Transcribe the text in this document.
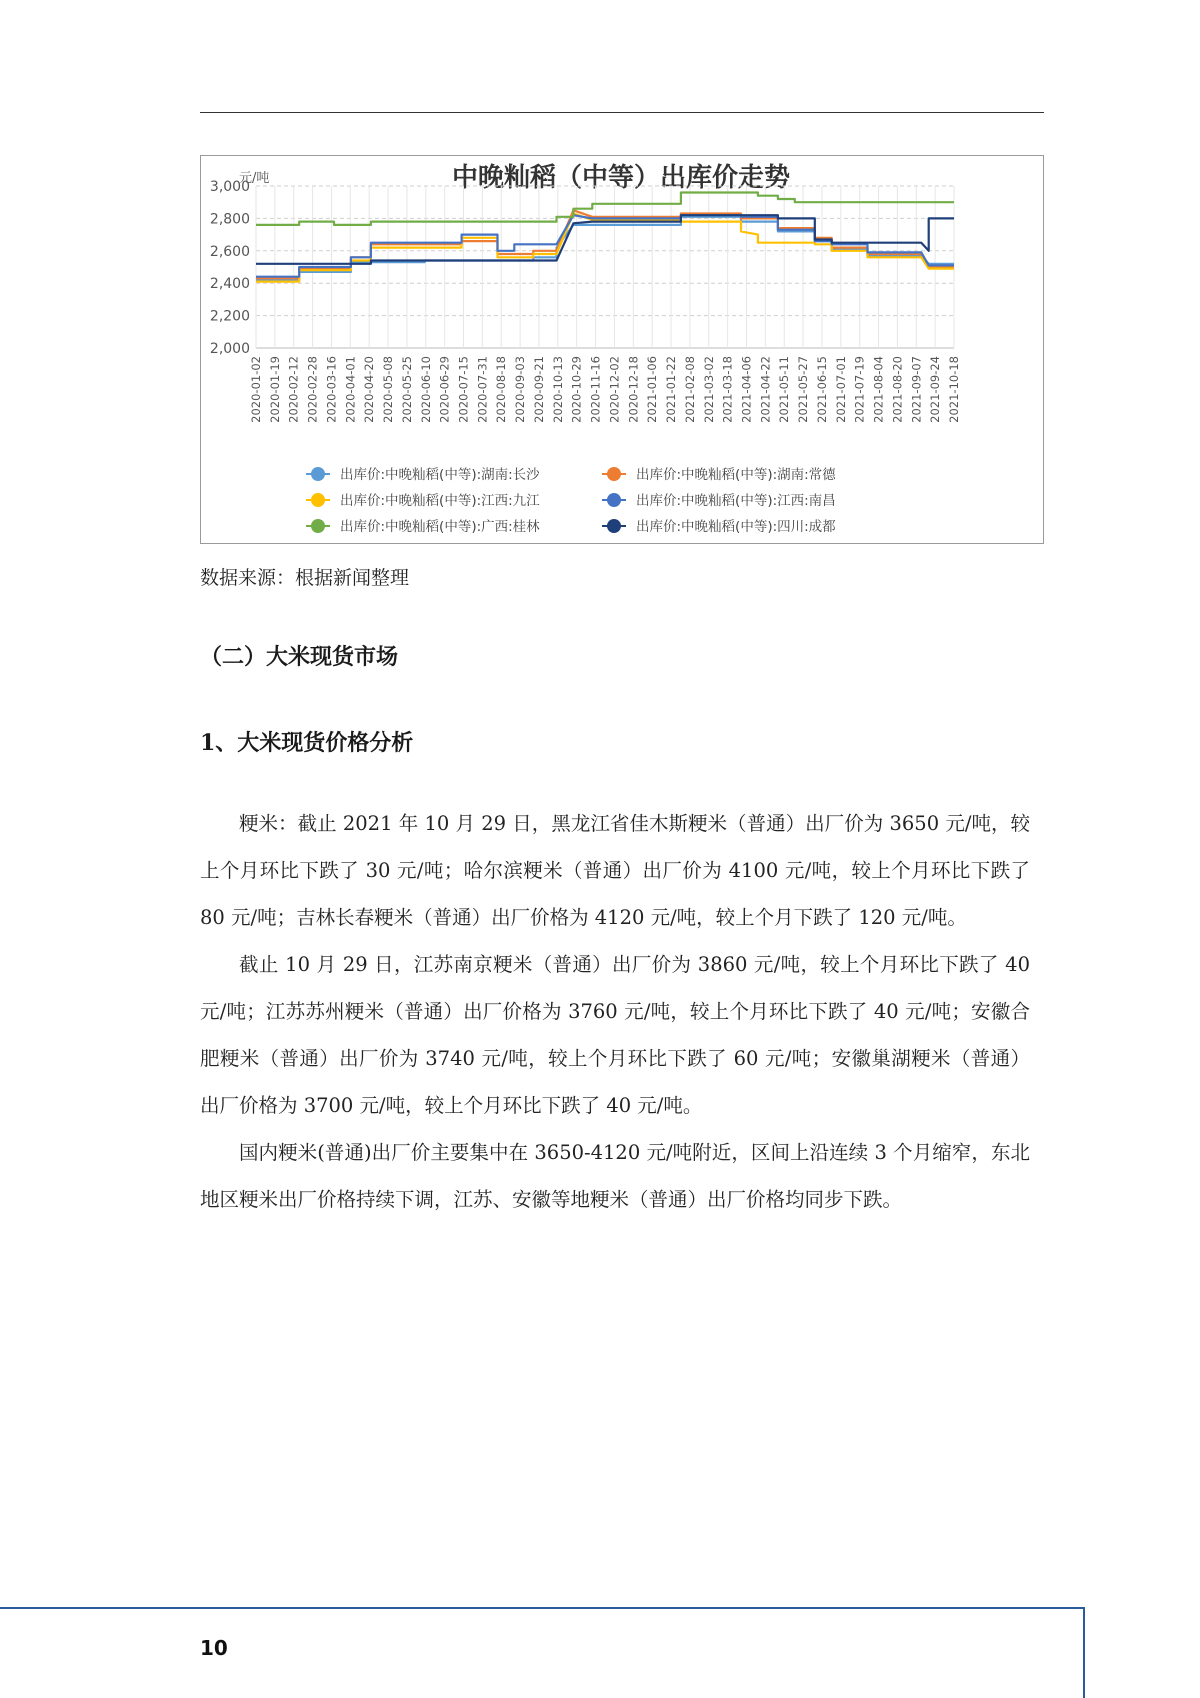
中晚籼稻（中等）出库价走势
元/吨
2,000
2,200
2,400
2,600
2,800
3,000
2020-01-02 2020-01-19 2020-02-12 2020-02-28 2020-03-16 2020-04-01 2020-04-20 2020-05-08 2020-05-25 2020-06-10 2020-06-29 2020-07-15 2020-07-31 2020-08-18 2020-09-03 2020-09-21 2020-10-13 2020-10-29 2020-11-16 2020-12-02 2020-12-18 2021-01-06 2021-01-22 2021-02-08 2021-03-02 2021-03-18 2021-04-06 2021-04-22 2021-05-11 2021-05-27 2021-06-15 2021-07-01 2021-07-19 2021-08-04 2021-08-20 2021-09-07 2021-09-24 2021-10-18
出库价:中晚籼稻(中等):湖南:长沙	出库价:中晚籼稻(中等):湖南:常德
出库价:中晚籼稻(中等):江西:九江	出库价:中晚籼稻(中等):江西:南昌
出库价:中晚籼稻(中等):广西:桂林	出库价:中晚籼稻(中等):四川:成都
数据来源：根据新闻整理
（二）大米现货市场
1、大米现货价格分析

粳米：截止 2021 年 10 月 29 日，黑龙江省佳木斯粳米（普通）出厂价为 3650 元/吨，较上个月环比下跌了 30 元/吨；哈尔滨粳米（普通）出厂价为 4100 元/吨，较上个月环比下跌了 80 元/吨；吉林长春粳米（普通）出厂价格为 4120 元/吨，较上个月下跌了 120 元/吨。

截止 10 月 29 日，江苏南京粳米（普通）出厂价为 3860 元/吨，较上个月环比下跌了 40 元/吨；江苏苏州粳米（普通）出厂价格为 3760 元/吨，较上个月环比下跌了 40 元/吨；安徽合肥粳米（普通）出厂价为 3740 元/吨，较上个月环比下跌了 60 元/吨；安徽巢湖粳米（普通）出厂价格为 3700 元/吨，较上个月环比下跌了 40 元/吨。

国内粳米(普通)出厂价主要集中在 3650-4120 元/吨附近，区间上沿连续 3 个月缩窄，东北地区粳米出厂价格持续下调，江苏、安徽等地粳米（普通）出厂价格均同步下跌。

10
